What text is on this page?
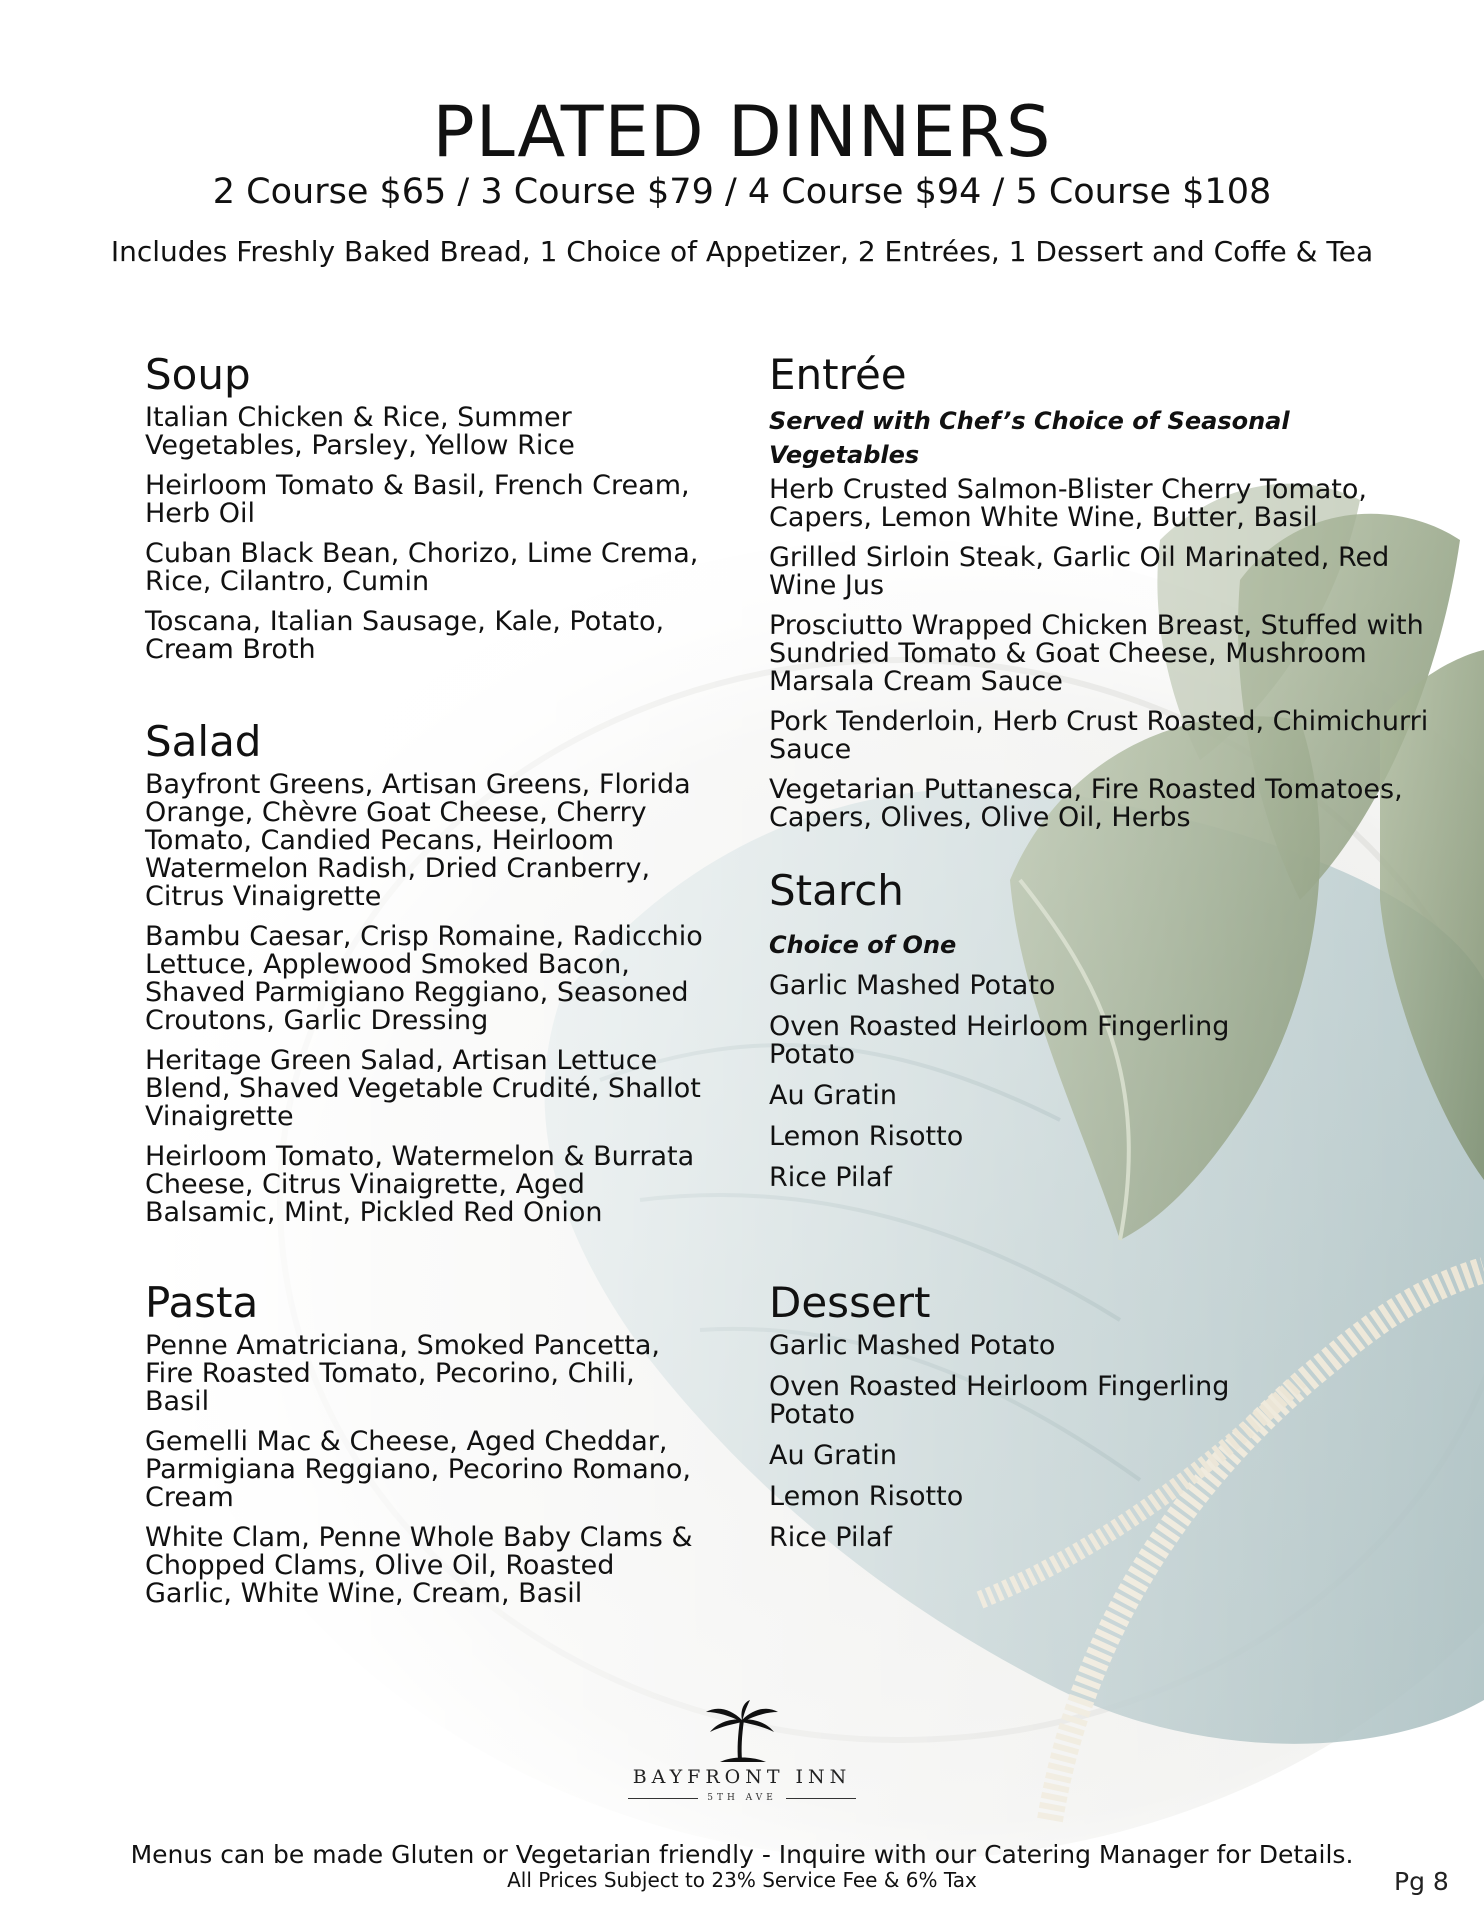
PLATED DINNERS
2 Course $65 / 3 Course $79 / 4 Course $94 / 5 Course $108
Includes Freshly Baked Bread, 1 Choice of Appetizer, 2 Entrées, 1 Dessert and Coffe & Tea
Soup
Italian Chicken & Rice, Summer Vegetables, Parsley, Yellow Rice
Heirloom Tomato & Basil, French Cream, Herb Oil
Cuban Black Bean, Chorizo, Lime Crema, Rice, Cilantro, Cumin
Toscana, Italian Sausage, Kale, Potato, Cream Broth
Salad
Bayfront Greens, Artisan Greens, Florida Orange, Chèvre Goat Cheese, Cherry Tomato, Candied Pecans, Heirloom Watermelon Radish, Dried Cranberry, Citrus Vinaigrette
Bambu Caesar, Crisp Romaine, Radicchio Lettuce, Applewood Smoked Bacon, Shaved Parmigiano Reggiano, Seasoned Croutons, Garlic Dressing
Heritage Green Salad, Artisan Lettuce Blend, Shaved Vegetable Crudité, Shallot Vinaigrette
Heirloom Tomato, Watermelon & Burrata Cheese, Citrus Vinaigrette, Aged Balsamic, Mint, Pickled Red Onion
Pasta
Penne Amatriciana, Smoked Pancetta, Fire Roasted Tomato, Pecorino, Chili, Basil
Gemelli Mac & Cheese, Aged Cheddar, Parmigiana Reggiano, Pecorino Romano, Cream
White Clam, Penne Whole Baby Clams & Chopped Clams, Olive Oil, Roasted Garlic, White Wine, Cream, Basil
Entrée
Served with Chef’s Choice of Seasonal Vegetables
Herb Crusted Salmon-Blister Cherry Tomato, Capers, Lemon White Wine, Butter, Basil
Grilled Sirloin Steak, Garlic Oil Marinated, Red Wine Jus
Prosciutto Wrapped Chicken Breast, Stuffed with Sundried Tomato & Goat Cheese, Mushroom Marsala Cream Sauce
Pork Tenderloin, Herb Crust Roasted, Chimichurri Sauce
Vegetarian Puttanesca, Fire Roasted Tomatoes, Capers, Olives, Olive Oil, Herbs
Starch
Choice of One
Garlic Mashed Potato
Oven Roasted Heirloom Fingerling Potato
Au Gratin
Lemon Risotto
Rice Pilaf
Dessert
Garlic Mashed Potato
Oven Roasted Heirloom Fingerling Potato
Au Gratin
Lemon Risotto
Rice Pilaf
BAYFRONT INN
5TH AVE
Menus can be made Gluten or Vegetarian friendly - Inquire with our Catering Manager for Details.
All Prices Subject to 23% Service Fee & 6% Tax	Pg 8
